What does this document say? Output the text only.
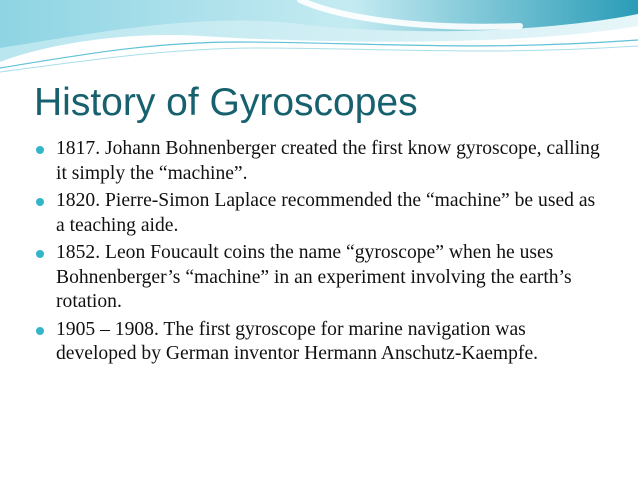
History of Gyroscopes
1817. Johann Bohnenberger created the first know gyroscope, calling it simply the “machine”.
1820. Pierre-Simon Laplace recommended the “machine” be used as a teaching aide.
1852. Leon Foucault coins the name “gyroscope” when he uses Bohnenberger’s “machine” in an experiment involving the earth’s rotation.
1905 – 1908. The first gyroscope for marine navigation was developed by German inventor Hermann Anschutz-Kaempfe.
